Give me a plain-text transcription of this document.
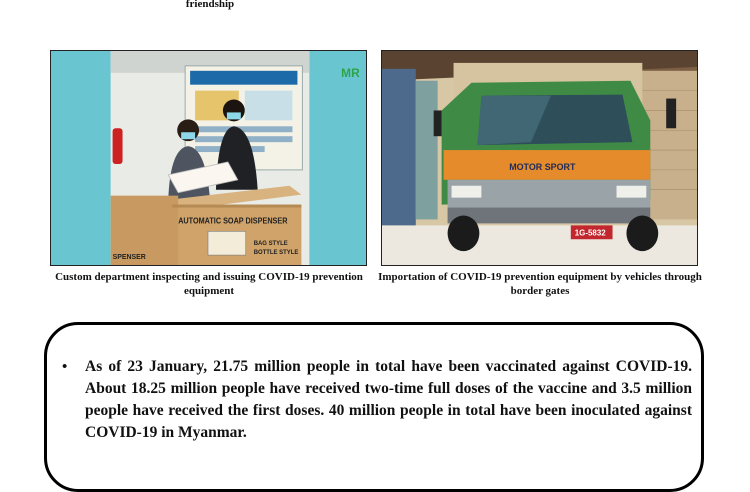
friendship
AUTOMATIC SOAP DISPENSER
BAG STYLE
BOTTLE STYLE
SPENSER
MR
MOTOR SPORT
1G-5832
Custom department inspecting and issuing COVID-19 prevention equipment
Importation of COVID-19 prevention equipment by vehicles through border gates
• As of 23 January, 21.75 million people in total have been vaccinated against COVID-19. About 18.25 million people have received two-time full doses of the vaccine and 3.5 million people have received the first doses. 40 million people in total have been inoculated against COVID-19 in Myanmar.
